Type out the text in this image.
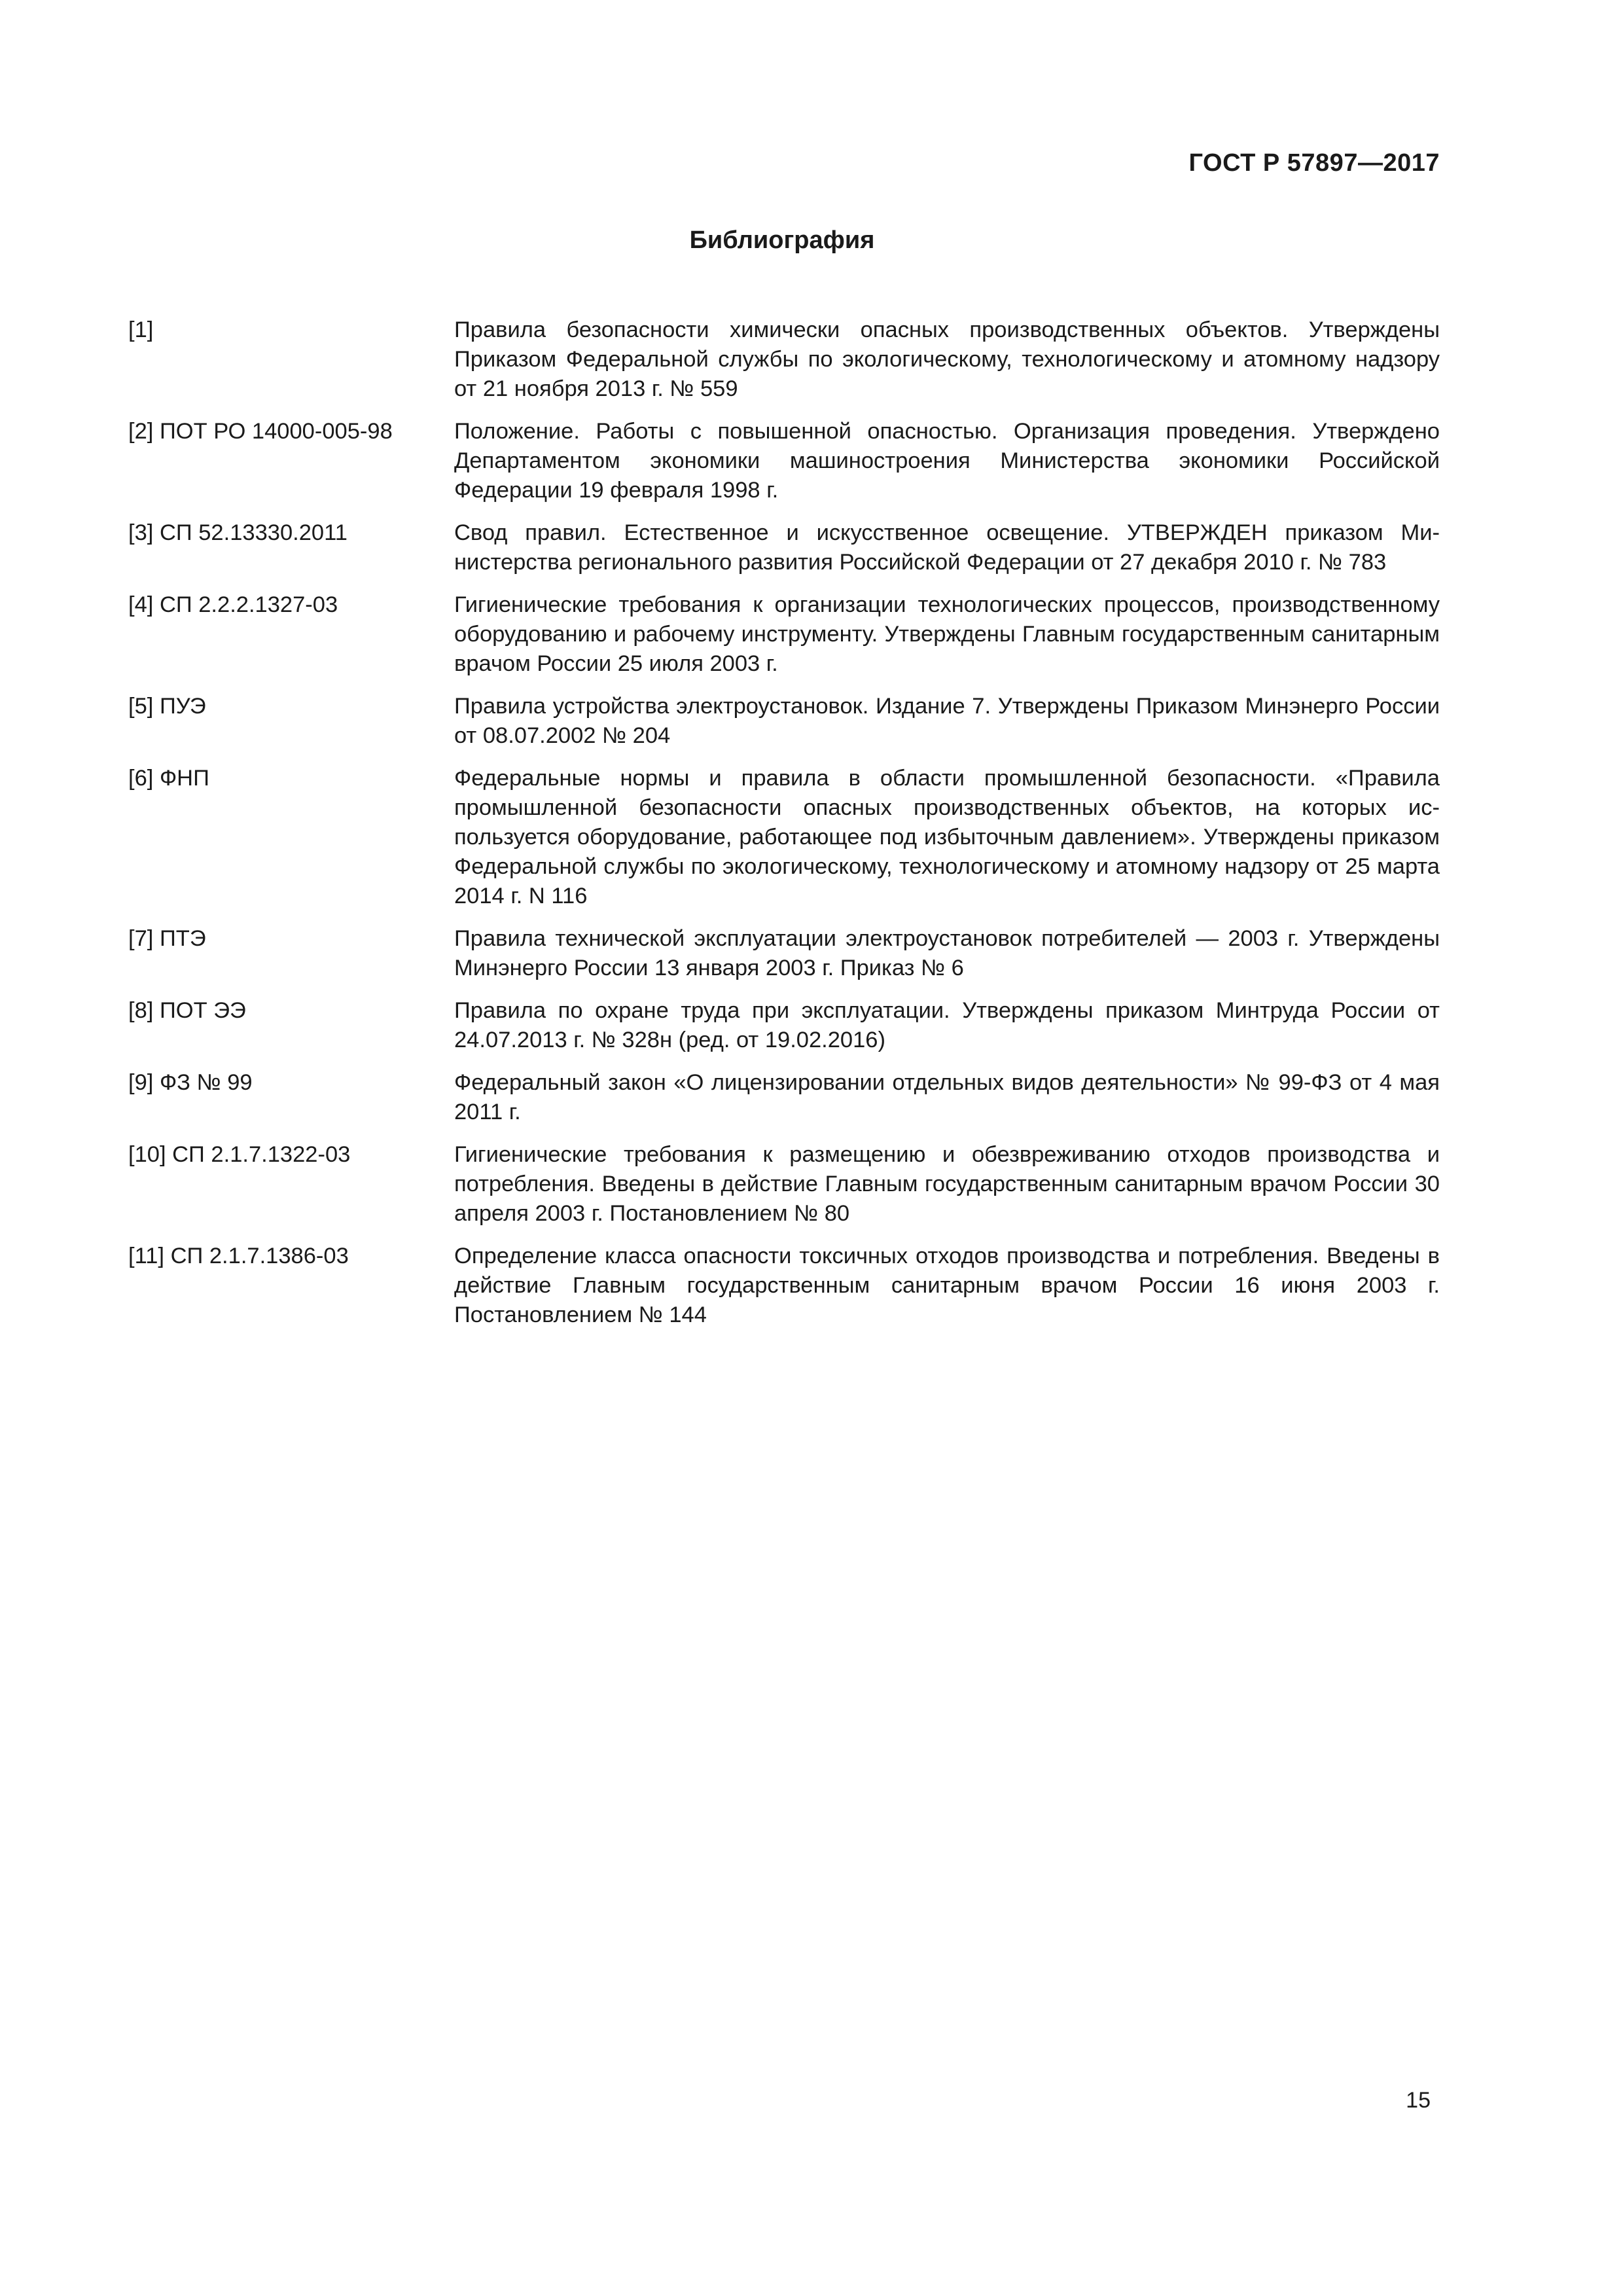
ГОСТ Р 57897—2017
Библиография
[1]	Правила безопасности химически опасных производственных объектов. Утверждены Приказом Федеральной службы по экологическому, технологическому и атомному надзору от 21 ноября 2013 г. № 559
[2] ПОТ РО 14000-005-98	Положение. Работы с повышенной опасностью. Организация проведения. Утверждено Департаментом экономики машиностроения Министерства экономики Российской Федерации 19 февраля 1998 г.
[3] СП 52.13330.2011	Свод правил. Естественное и искусственное освещение. УТВЕРЖДЕН приказом Министерства регионального развития Российской Федерации от 27 декабря 2010 г. № 783
[4] СП 2.2.2.1327-03	Гигиенические требования к организации технологических процессов, производственному оборудованию и рабочему инструменту. Утверждены Главным государственным санитарным врачом России 25 июля 2003 г.
[5] ПУЭ	Правила устройства электроустановок. Издание 7. Утверждены Приказом Минэнерго России от 08.07.2002 № 204
[6] ФНП	Федеральные нормы и правила в области промышленной безопасности. «Правила промышленной безопасности опасных производственных объектов, на которых используется оборудование, работающее под избыточным давлением». Утверждены приказом Федеральной службы по экологическому, технологическому и атомному надзору от 25 марта 2014 г. N 116
[7] ПТЭ	Правила технической эксплуатации электроустановок потребителей — 2003 г. Утверждены Минэнерго России 13 января 2003 г. Приказ № 6
[8] ПОТ ЭЭ	Правила по охране труда при эксплуатации. Утверждены приказом Минтруда России от 24.07.2013 г. № 328н (ред. от 19.02.2016)
[9] ФЗ № 99	Федеральный закон «О лицензировании отдельных видов деятельности» № 99-ФЗ от 4 мая 2011 г.
[10] СП 2.1.7.1322-03	Гигиенические требования к размещению и обезвреживанию отходов производства и потребления. Введены в действие Главным государственным санитарным врачом России 30 апреля 2003 г. Постановлением № 80
[11] СП 2.1.7.1386-03	Определение класса опасности токсичных отходов производства и потребления. Введены в действие Главным государственным санитарным врачом России 16 июня 2003 г. Постановлением № 144
15
